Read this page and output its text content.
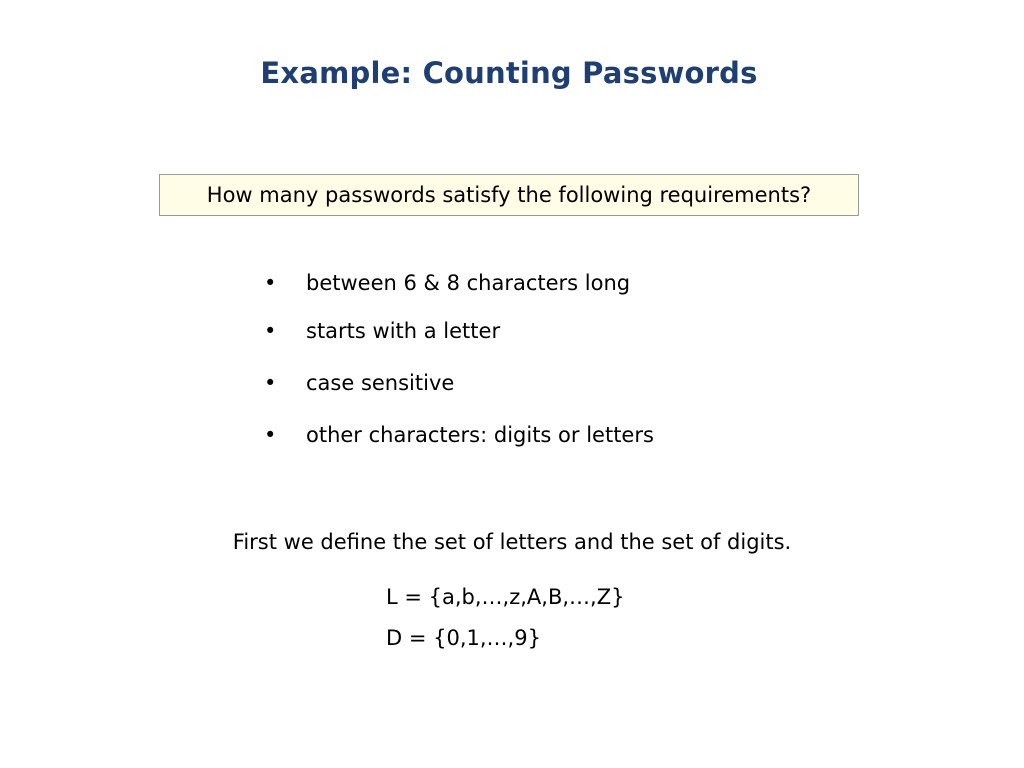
Example: Counting Passwords
How many passwords satisfy the following requirements?
• between 6 & 8 characters long
• starts with a letter
• case sensitive
• other characters: digits or letters
First we define the set of letters and the set of digits.
L = {a,b,…,z,A,B,…,Z}
D = {0,1,…,9}
